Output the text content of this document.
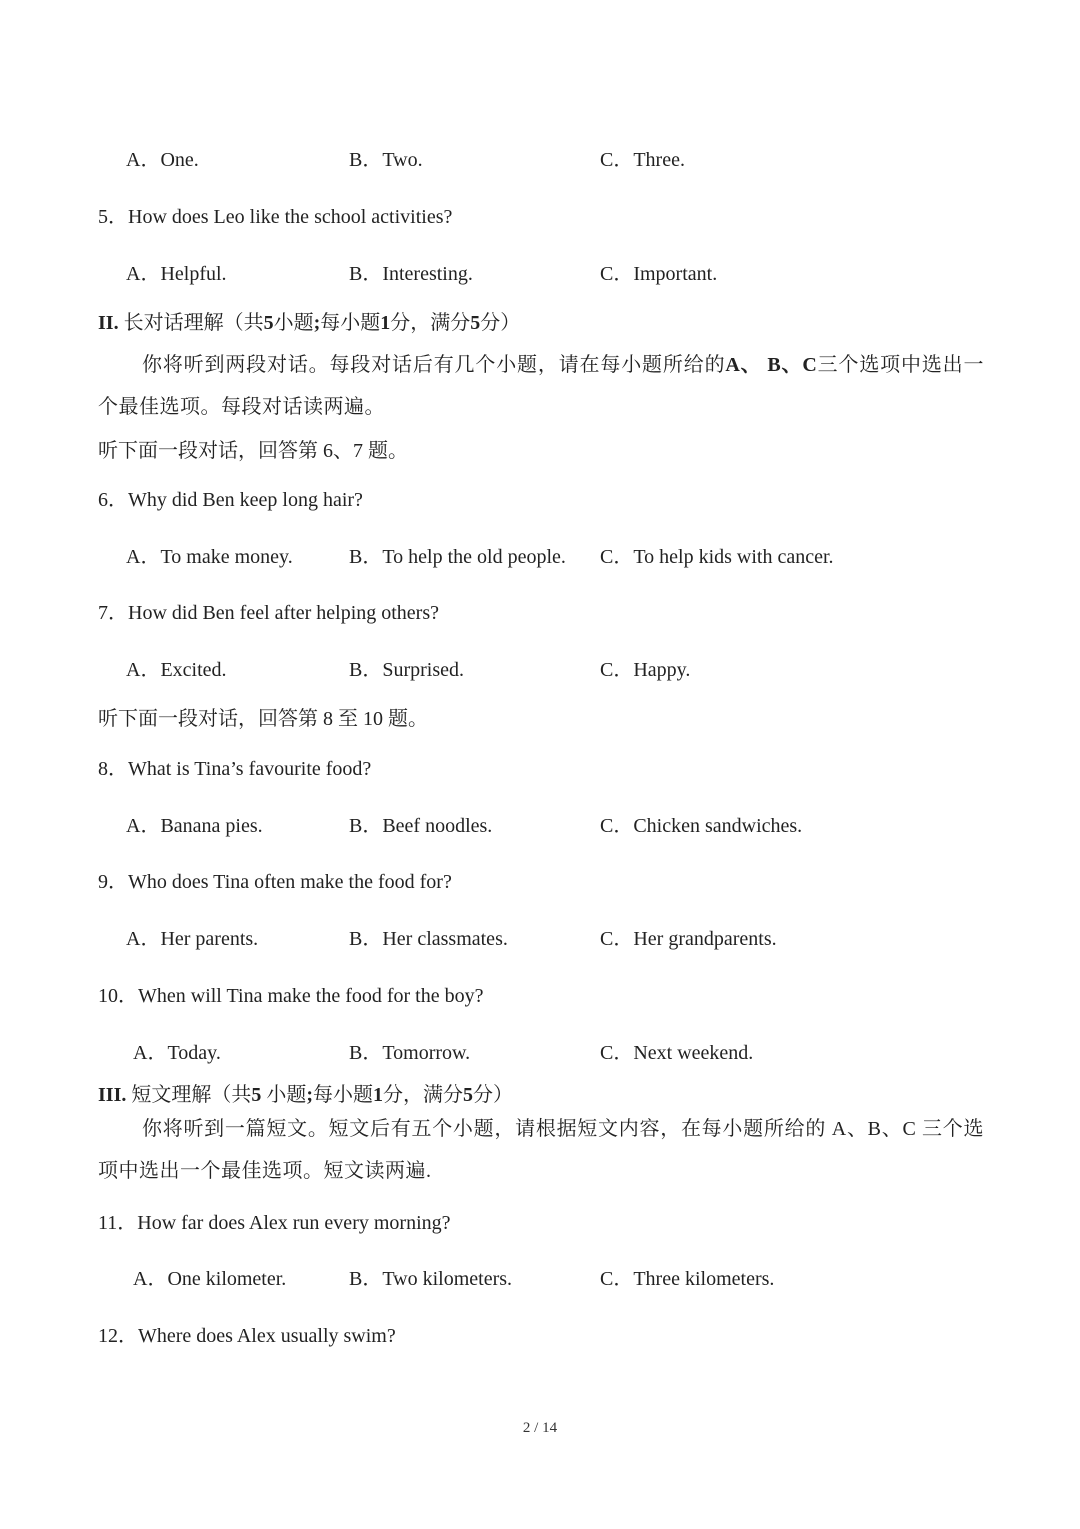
A．One.	B．Two.	C．Three.
5．How does Leo like the school activities?
A．Helpful.	B．Interesting.	C．Important.
II. 长对话理解（共5小题;每小题1分，满分5分）
你将听到两段对话。每段对话后有几个小题，请在每小题所给的A、 B、C三个选项中选出一个最佳选项。每段对话读两遍。
听下面一段对话，回答第 6、7 题。
6．Why did Ben keep long hair?
A．To make money.	B．To help the old people. C．To help kids with cancer.
7．How did Ben feel after helping others?
A．Excited.	B．Surprised.	C．Happy.
听下面一段对话，回答第 8 至 10 题。
8．What is Tina’s favourite food?
A．Banana pies.	B．Beef noodles.	C．Chicken sandwiches.
9．Who does Tina often make the food for?
A．Her parents.	B．Her classmates.	C．Her grandparents.
10．When will Tina make the food for the boy?
A．Today.	B．Tomorrow.	C．Next weekend.
III. 短文理解（共5 小题;每小题1分，满分5分）
你将听到一篇短文。短文后有五个小题，请根据短文内容，在每小题所给的 A、B、C 三个选项中选出一个最佳选项。短文读两遍.
11．How far does Alex run every morning?
A．One kilometer.	B．Two kilometers.	C．Three kilometers.
12．Where does Alex usually swim?
2 / 14
